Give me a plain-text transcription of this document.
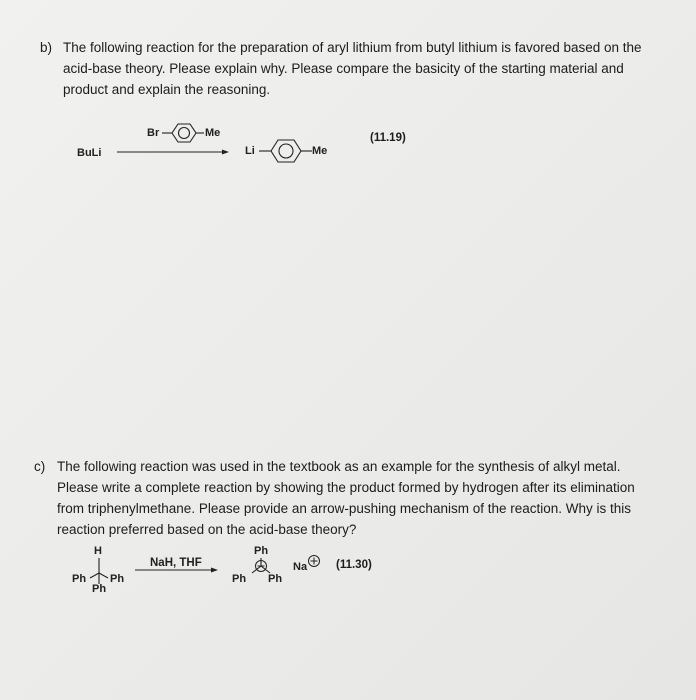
b) The following reaction for the preparation of aryl lithium from butyl lithium is favored based on the
acid-base theory. Please explain why. Please compare the basicity of the starting material and
product and explain the reasoning.
BuLi
Br	Me
Li	Me
(11.19)
c) The following reaction was used in the textbook as an example for the synthesis of alkyl metal.
Please write a complete reaction by showing the product formed by hydrogen after its elimination
from triphenylmethane. Please provide an arrow-pushing mechanism of the reaction. Why is this
reaction preferred based on the acid-base theory?
H
Ph Ph
Ph
NaH, THF
Ph
Ph Ph
Na	(11.30)
